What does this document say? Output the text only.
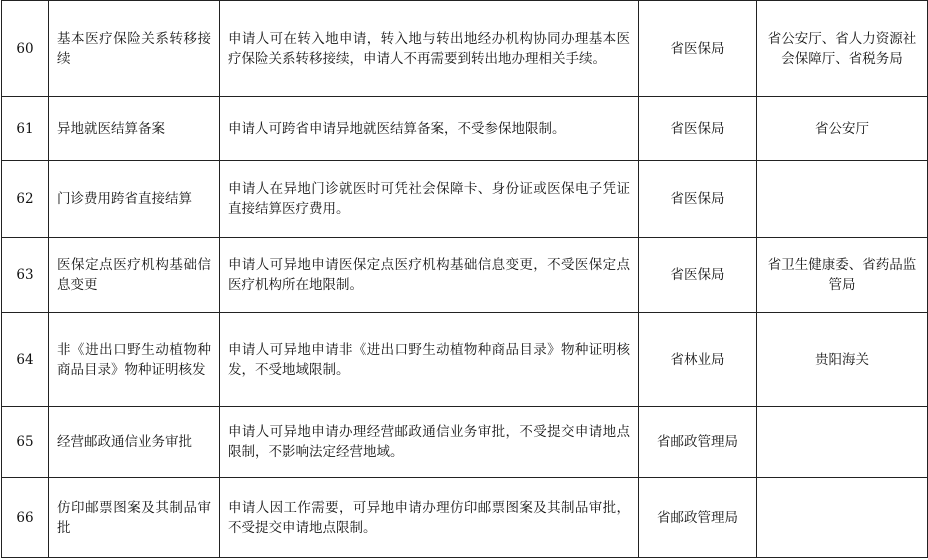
60	基本医疗保险关系转移接续	申请人可在转入地申请，转入地与转出地经办机构协同办理基本医疗保险关系转移接续，申请人不再需要到转出地办理相关手续。	省医保局	省公安厅、省人力资源社会保障厅、省税务局
61	异地就医结算备案	申请人可跨省申请异地就医结算备案，不受参保地限制。	省医保局	省公安厅
62	门诊费用跨省直接结算	申请人在异地门诊就医时可凭社会保障卡、身份证或医保电子凭证直接结算医疗费用。	省医保局	
63	医保定点医疗机构基础信息变更	申请人可异地申请医保定点医疗机构基础信息变更，不受医保定点医疗机构所在地限制。	省医保局	省卫生健康委、省药品监管局
64	非《进出口野生动植物种商品目录》物种证明核发	申请人可异地申请非《进出口野生动植物种商品目录》物种证明核发，不受地域限制。	省林业局	贵阳海关
65	经营邮政通信业务审批	申请人可异地申请办理经营邮政通信业务审批，不受提交申请地点限制，不影响法定经营地域。	省邮政管理局	
66	仿印邮票图案及其制品审批	申请人因工作需要，可异地申请办理仿印邮票图案及其制品审批，不受提交申请地点限制。	省邮政管理局	
